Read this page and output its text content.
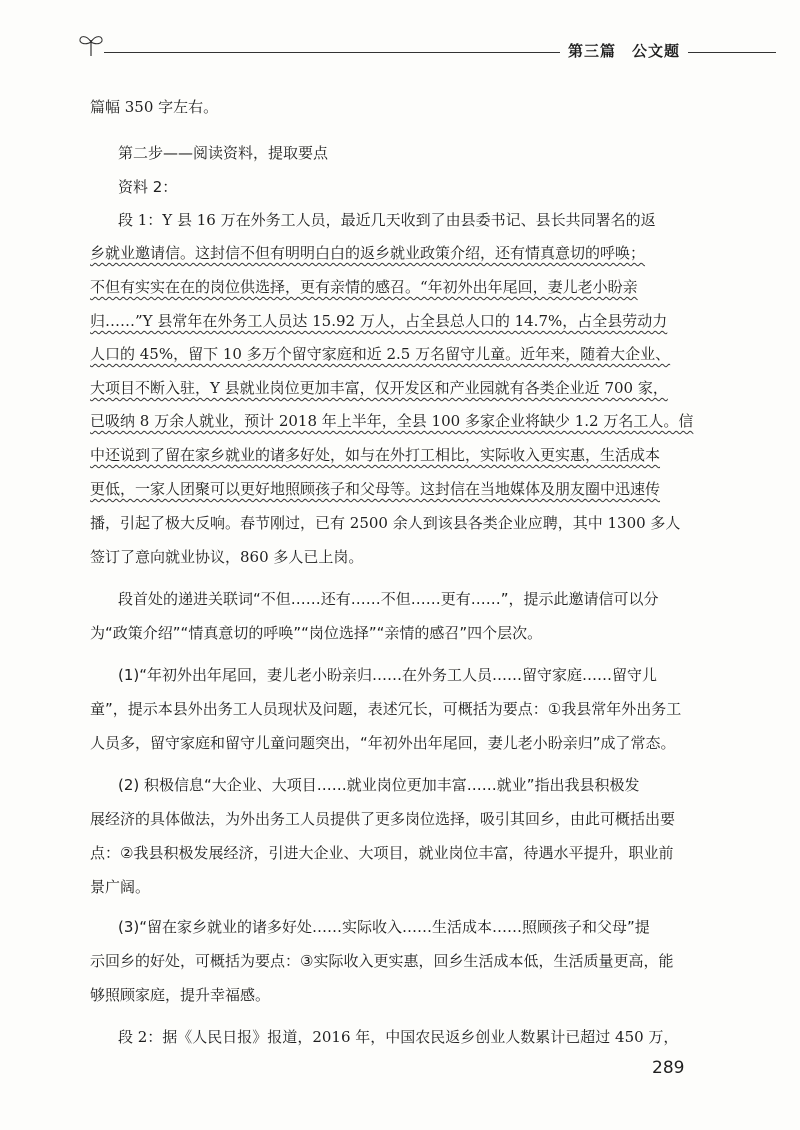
第三篇　公文题
篇幅 350 字左右。
第二步——阅读资料，提取要点
资料 2：
段 1：Y 县 16 万在外务工人员，最近几天收到了由县委书记、县长共同署名的返
乡就业邀请信。这封信不但有明明白白的返乡就业政策介绍，还有情真意切的呼唤；
不但有实实在在的岗位供选择，更有亲情的感召。“年初外出年尾回，妻儿老小盼亲
归……”Y 县常年在外务工人员达 15.92 万人，占全县总人口的 14.7%，占全县劳动力
人口的 45%，留下 10 多万个留守家庭和近 2.5 万名留守儿童。近年来，随着大企业、
大项目不断入驻，Y 县就业岗位更加丰富，仅开发区和产业园就有各类企业近 700 家，
已吸纳 8 万余人就业，预计 2018 年上半年，全县 100 多家企业将缺少 1.2 万名工人。信
中还说到了留在家乡就业的诸多好处，如与在外打工相比，实际收入更实惠，生活成本
更低，一家人团聚可以更好地照顾孩子和父母等。这封信在当地媒体及朋友圈中迅速传
播，引起了极大反响。春节刚过，已有 2500 余人到该县各类企业应聘，其中 1300 多人
签订了意向就业协议，860 多人已上岗。
段首处的递进关联词“不但……还有……不但……更有……”，提示此邀请信可以分
为“政策介绍”“情真意切的呼唤”“岗位选择”“亲情的感召”四个层次。
(1)“年初外出年尾回，妻儿老小盼亲归……在外务工人员……留守家庭……留守儿
童”，提示本县外出务工人员现状及问题，表述冗长，可概括为要点：①我县常年外出务工
人员多，留守家庭和留守儿童问题突出，“年初外出年尾回，妻儿老小盼亲归”成了常态。
(2) 积极信息“大企业、大项目……就业岗位更加丰富……就业”指出我县积极发
展经济的具体做法，为外出务工人员提供了更多岗位选择，吸引其回乡，由此可概括出要
点：②我县积极发展经济，引进大企业、大项目，就业岗位丰富，待遇水平提升，职业前
景广阔。
(3)“留在家乡就业的诸多好处……实际收入……生活成本……照顾孩子和父母”提
示回乡的好处，可概括为要点：③实际收入更实惠，回乡生活成本低，生活质量更高，能
够照顾家庭，提升幸福感。
段 2：据《人民日报》报道，2016 年，中国农民返乡创业人数累计已超过 450 万，
289
